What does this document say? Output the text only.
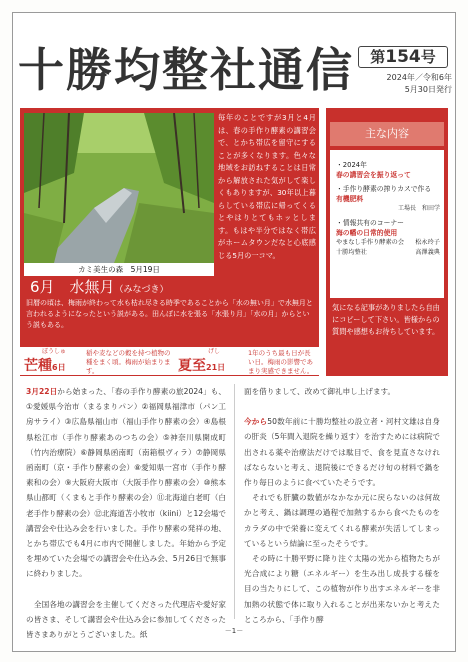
十勝均整社通信	第154号
2024年／令和6年
5月30日発行
カミ美生の森　5月19日
毎年のことですが3月と4月は、春の手作り酵素の講習会で、とかち帯広を留守にすることが多くなります。色々な地域をお訪ねすることは日常から解放された気がして楽しくもありますが、30年以上暮らしている帯広に帰ってくるとやはりとてもホッとします。もはや半分ではなく帯広がホームタウンだなと心底感じる5月の一コマ。
6月　水無月（みなづき）
旧暦の頃は、梅雨が終わって水も枯れ尽きる時季であることから「水の無い月」で水無月と言われるようになったという説がある。田んぼに水を張る「水張り月」「水の月」からという説もある。
ぼうしゅ
芒種6日
稲や麦などの穀を持つ植物の種をまく頃。梅雨が始まります。
げし
夏至21日
1年のうち最も日が長い日。梅雨の影響であまり実感できません。
主な内容
・2024年
春の講習会を振り返って
・手作り酵素の搾りカスで作る
有機肥料
工場長　 和田学
・情報共有のコーナー
海の幡の日常的使用
やまなし手作り酵素の会 松永玲子
十勝均整社	高澤義典
気になる記事がありましたら自由にコピーして下さい。皆様からの質問や感想もお待ちしています。

3月22日から始まった、「春の手作り酵素の旅2024」も、①愛媛県今治市（まるまりパン）②福岡県福津市（パン工房サライ）③広島県福山市（福山手作り酵素の会）④島根県松江市（手作り酵素あのつちの会）⑤神奈川県開成町（竹内治療院）⑥静岡県函南町（南箱根ヴィラ）⑦静岡県函南町（京・手作り酵素の会）⑧愛知県一宮市（手作り酵素和の会）⑨大阪府大阪市（大阪手作り酵素の会）⑩熊本県山都町（くまもと手作り酵素の会）⑪北海道白老町（白老手作り酵素の会）⑫北海道苫小牧市（kiini）と12会場で講習会や仕込み会を行いました。手作り酵素の発祥の地、とかち帯広でも4月に市内で開催しました。年始から予定を埋めていた会場での講習会や仕込み会、5月26日で無事に終わりました。

全国各地の講習会を主催してくださった代理店や愛好家の皆さま、そして講習会や仕込み会に参加してくださった皆さまありがとうございました。紙

面を借りまして、改めて御礼申し上げます。

今から50数年前に十勝均整社の設立者・河村文雄は自身の肝炎（5年間入退院を繰り返す）を治すためには病院で出される薬や治療法だけでは駄目で、食を見直さなければならないと考え、退院後にできるだけ旬の材料で鍋を作り毎日のように食べていたそうです。

それでも肝臓の数値がなかなか元に戻らないのは何故かと考え、鍋は調理の過程で加熱するから食べたものをカラダの中で栄養に変えてくれる酵素が失活してしまっているという結論に至ったそうです。

その時に十勝平野に降り注ぐ太陽の光から植物たちが光合成により糖（エネルギー）を生み出し成長する様を目の当たりにして、この植物が作り出すエネルギーを非加熱の状態で体に取り入れることが出来ないかと考えたところから、「手作り酵

－1－
